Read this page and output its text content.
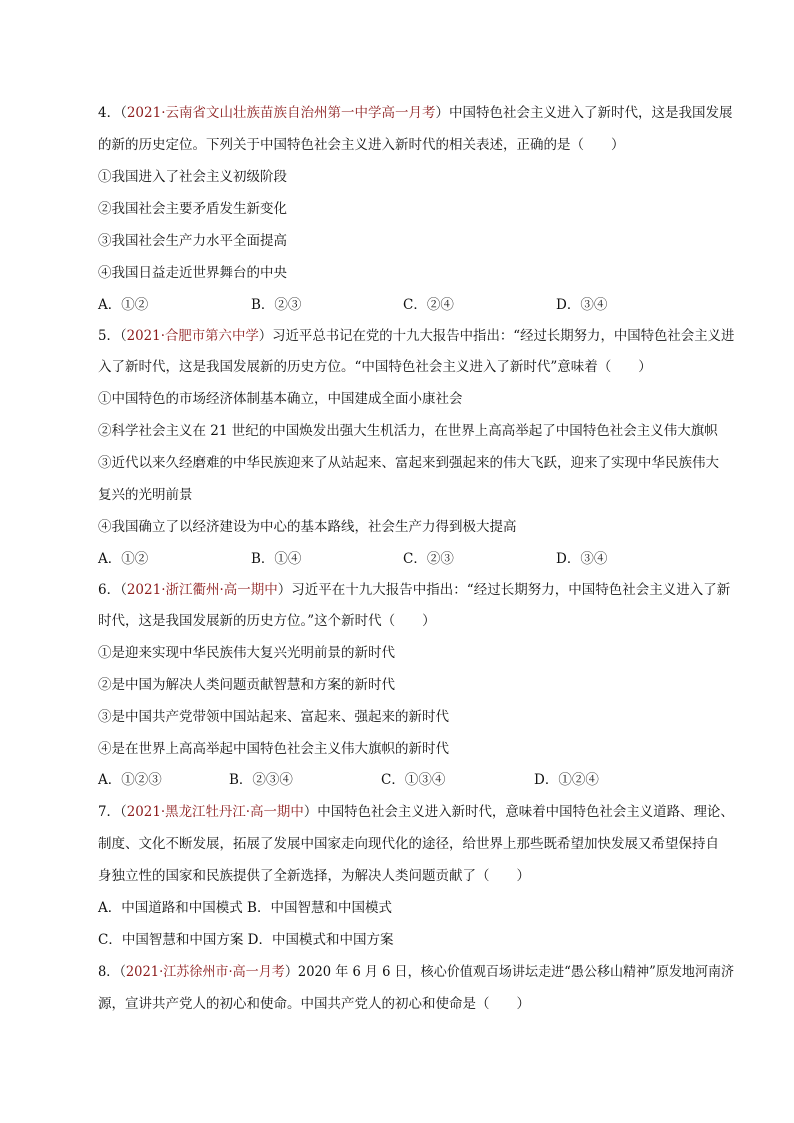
4．（2021·云南省文山壮族苗族自治州第一中学高一月考）中国特色社会主义进入了新时代，这是我国发展
的新的历史定位。下列关于中国特色社会主义进入新时代的相关表述，正确的是（　　）
①我国进入了社会主义初级阶段
②我国社会主要矛盾发生新变化
③我国社会生产力水平全面提高
④我国日益走近世界舞台的中央
A．①②	B．②③	C．②④	D．③④
5．（2021·合肥市第六中学）习近平总书记在党的十九大报告中指出：“经过长期努力，中国特色社会主义进
入了新时代，这是我国发展新的历史方位。“中国特色社会主义进入了新时代”意味着（　　）
①中国特色的市场经济体制基本确立，中国建成全面小康社会
②科学社会主义在 21 世纪的中国焕发出强大生机活力，在世界上高高举起了中国特色社会主义伟大旗帜
③近代以来久经磨难的中华民族迎来了从站起来、富起来到强起来的伟大飞跃，迎来了实现中华民族伟大
复兴的光明前景
④我国确立了以经济建设为中心的基本路线，社会生产力得到极大提高
A．①②	B．①④	C．②③	D．③④
6．（2021·浙江衢州·高一期中）习近平在十九大报告中指出：“经过长期努力，中国特色社会主义进入了新
时代，这是我国发展新的历史方位。”这个新时代（　　）
①是迎来实现中华民族伟大复兴光明前景的新时代
②是中国为解决人类问题贡献智慧和方案的新时代
③是中国共产党带领中国站起来、富起来、强起来的新时代
④是在世界上高高举起中国特色社会主义伟大旗帜的新时代
A．①②③	B．②③④	C．①③④	D．①②④
7．（2021·黑龙江牡丹江·高一期中）中国特色社会主义进入新时代，意味着中国特色社会主义道路、理论、
制度、文化不断发展，拓展了发展中国家走向现代化的途径，给世界上那些既希望加快发展又希望保持自
身独立性的国家和民族提供了全新选择，为解决人类问题贡献了（　　）
A．中国道路和中国模式 B．中国智慧和中国模式
C．中国智慧和中国方案 D．中国模式和中国方案
8．（2021·江苏徐州市·高一月考）2020 年 6 月 6 日，核心价值观百场讲坛走进“愚公移山精神”原发地河南济
源，宣讲共产党人的初心和使命。中国共产党人的初心和使命是（　　）
